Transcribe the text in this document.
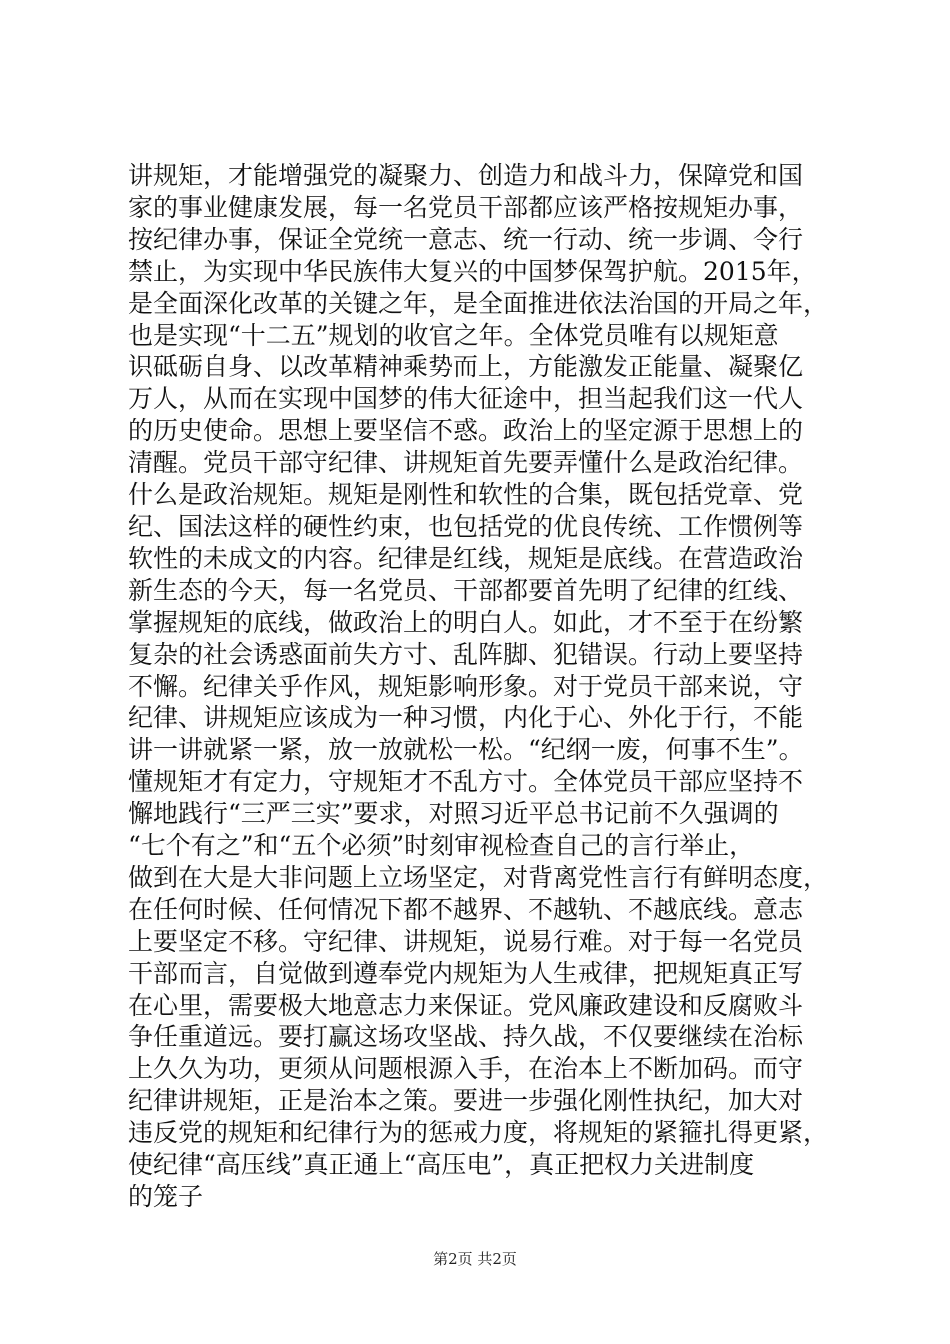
讲规矩，才能增强党的凝聚力、创造力和战斗力，保障党和国
家的事业健康发展，每一名党员干部都应该严格按规矩办事，
按纪律办事，保证全党统一意志、统一行动、统一步调、令行
禁止，为实现中华民族伟大复兴的中国梦保驾护航。2015年，
是全面深化改革的关键之年，是全面推进依法治国的开局之年，
也是实现“十二五”规划的收官之年。全体党员唯有以规矩意
识砥砺自身、以改革精神乘势而上，方能激发正能量、凝聚亿
万人，从而在实现中国梦的伟大征途中，担当起我们这一代人
的历史使命。思想上要坚信不惑。政治上的坚定源于思想上的
清醒。党员干部守纪律、讲规矩首先要弄懂什么是政治纪律。
什么是政治规矩。规矩是刚性和软性的合集，既包括党章、党
纪、国法这样的硬性约束，也包括党的优良传统、工作惯例等
软性的未成文的内容。纪律是红线，规矩是底线。在营造政治
新生态的今天，每一名党员、干部都要首先明了纪律的红线、
掌握规矩的底线，做政治上的明白人。如此，才不至于在纷繁
复杂的社会诱惑面前失方寸、乱阵脚、犯错误。行动上要坚持
不懈。纪律关乎作风，规矩影响形象。对于党员干部来说，守
纪律、讲规矩应该成为一种习惯，内化于心、外化于行，不能
讲一讲就紧一紧，放一放就松一松。“纪纲一废，何事不生”。
懂规矩才有定力，守规矩才不乱方寸。全体党员干部应坚持不
懈地践行“三严三实”要求，对照习近平总书记前不久强调的
“七个有之”和“五个必须”时刻审视检查自己的言行举止，
做到在大是大非问题上立场坚定，对背离党性言行有鲜明态度，
在任何时候、任何情况下都不越界、不越轨、不越底线。意志
上要坚定不移。守纪律、讲规矩，说易行难。对于每一名党员
干部而言，自觉做到遵奉党内规矩为人生戒律，把规矩真正写
在心里，需要极大地意志力来保证。党风廉政建设和反腐败斗
争任重道远。要打赢这场攻坚战、持久战，不仅要继续在治标
上久久为功，更须从问题根源入手，在治本上不断加码。而守
纪律讲规矩，正是治本之策。要进一步强化刚性执纪，加大对
违反党的规矩和纪律行为的惩戒力度，将规矩的紧箍扎得更紧，
使纪律“高压线”真正通上“高压电”，真正把权力关进制度
的笼子

第2页 共2页
